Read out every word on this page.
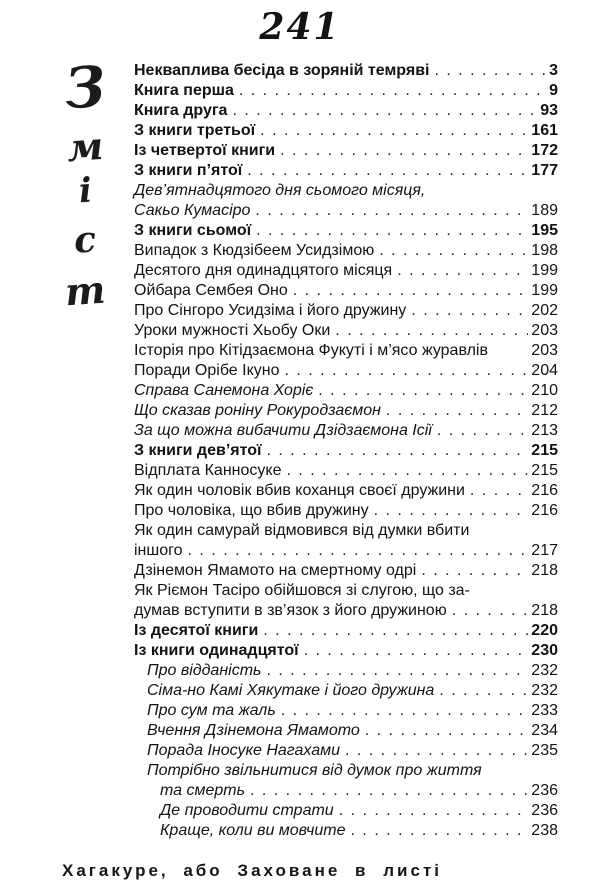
241
З
м
і
с
т
Некваплива бесіда в зоряній темряві . . .	3
Книга перша . . .	9
Книга друга . . .	93
З книги третьої . . .	161
Із четвертої книги . . .	172
З книги п’ятої . . .	177
Дев’ятнадцятого дня сьомого місяця,
Сакьо Кумасіро . . .	189
З книги сьомої . . .	195
Випадок з Кюдзібеем Усидзімою . . .	198
Десятого дня одинадцятого місяця . . .	199
Ойбара Сембея Оно . . .	199
Про Сінгоро Усидзіма і його дружину . . .	202
Уроки мужності Хьобу Оки . . .	203
Історія про Кітідзаємона Фукуті і м’ясо журавлів	203
Поради Орібе Ікуно . . .	204
Справа Санемона Хоріє . . .	210
Що сказав роніну Рокуродзаємон . . .	212
За що можна вибачити Дзідзаємона Ісії . . .	213
З книги дев’ятої . . .	215
Відплата Канносуке . . .	215
Як один чоловік вбив коханця своєї дружини . . .	216
Про чоловіка, що вбив дружину . . .	216
Як один самурай відмовився від думки вбити
іншого . . .	217
Дзінемон Ямамото на смертному одрі . . .	218
Як Ріємон Тасіро обійшовся зі слугою, що за-
думав вступити в зв’язок з його дружиною . . .	218
Із десятої книги . . .	220
Із книги одинадцятої . . .	230
Про відданість . . .	232
Сіма-но Камі Хякутаке і його дружина . . .	232
Про сум та жаль . . .	233
Вчення Дзінемона Ямамото . . .	234
Порада Іносуке Нагахами . . .	235
Потрібно звільнитися від думок про життя
та смерть . . .	236
Де проводити страти . . .	236
Краще, коли ви мовчите . . .	238
Хагакуре, або Заховане в листі
